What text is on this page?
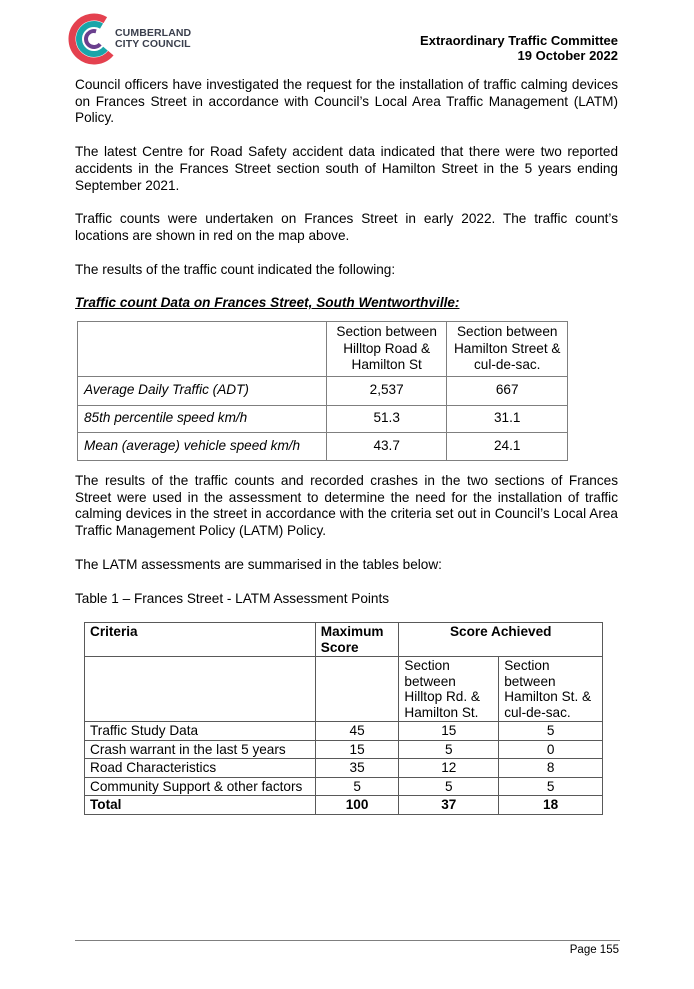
CUMBERLAND
CITY COUNCIL	Extraordinary Traffic Committee
19 October 2022

Council officers have investigated the request for the installation of traffic calming devices on Frances Street in accordance with Council’s Local Area Traffic Management (LATM) Policy.

The latest Centre for Road Safety accident data indicated that there were two reported accidents in the Frances Street section south of Hamilton Street in the 5 years ending September 2021.

Traffic counts were undertaken on Frances Street in early 2022. The traffic count’s locations are shown in red on the map above.

The results of the traffic count indicated the following:

Traffic count Data on Frances Street, South Wentworthville:

	Section between Hilltop Road & Hamilton St	Section between Hamilton Street & cul-de-sac.
Average Daily Traffic (ADT)	2,537	667
85th percentile speed km/h	51.3	31.1
Mean (average) vehicle speed km/h	43.7	24.1

The results of the traffic counts and recorded crashes in the two sections of Frances Street were used in the assessment to determine the need for the installation of traffic calming devices in the street in accordance with the criteria set out in Council’s Local Area Traffic Management Policy (LATM) Policy.

The LATM assessments are summarised in the tables below:

Table 1 – Frances Street - LATM Assessment Points

Criteria	Maximum Score	Score Achieved	
		Section between Hilltop Rd. & Hamilton St.	Section between Hamilton St. & cul-de-sac.
Traffic Study Data	45	15	5
Crash warrant in the last 5 years	15	5	0
Road Characteristics	35	12	8
Community Support & other factors	5	5	5
Total	100	37	18
Page 155
